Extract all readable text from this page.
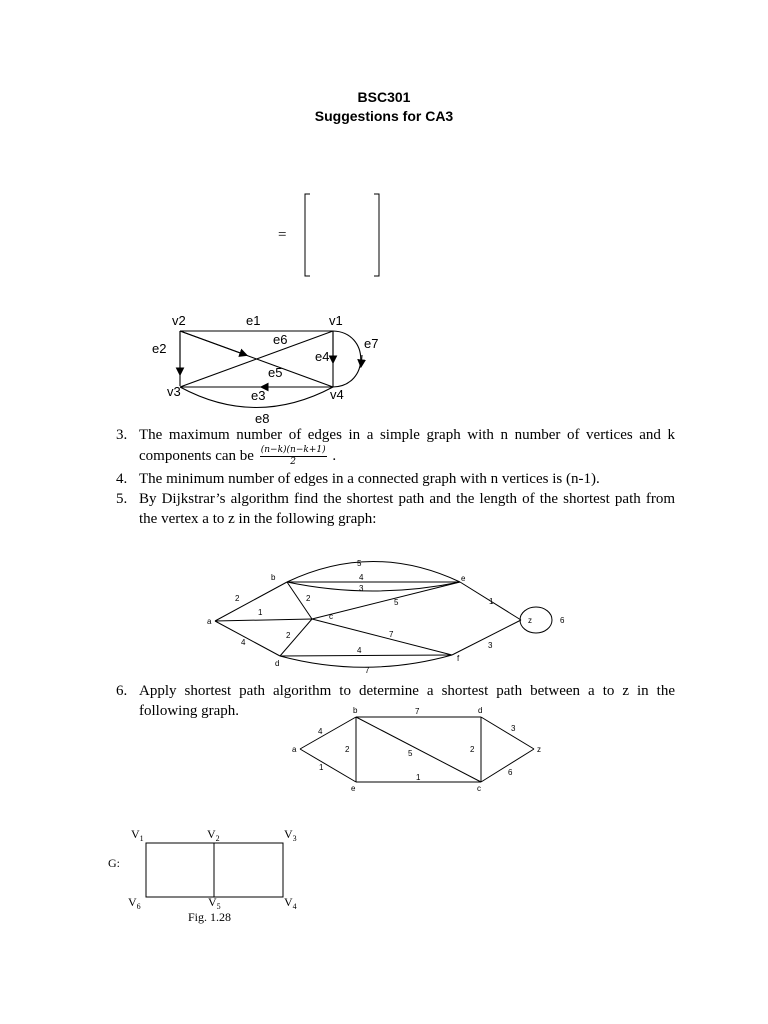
BSC301
Suggestions for CA3
=
v2	v1
v3	v4
e1
e2
e3
e4
e5
e6	e7
e8
3. The maximum number of edges in a simple graph with n number of vertices and k components can be $\frac{(n-k)(n-k+1)}{2}$ .
4. The minimum number of edges in a connected graph with n vertices is (n-1).
5. By Dijkstrar’s algorithm find the shortest path and the length of the shortest path from the vertex a to z in the following graph:
a
b
c
d
e
f
z
5
4
3
5
2
1
2	1
2	7
4
4
7
3
6
6. Apply shortest path algorithm to determine a shortest path between a to z in the following graph.
a
b	d
z
e	c
4
7
3
2	5	2
1
1
6
G:
$V_1$	$V_2$	$V_3$
$V_6$	$V_5$	$V_4$
Fig. 1.28
